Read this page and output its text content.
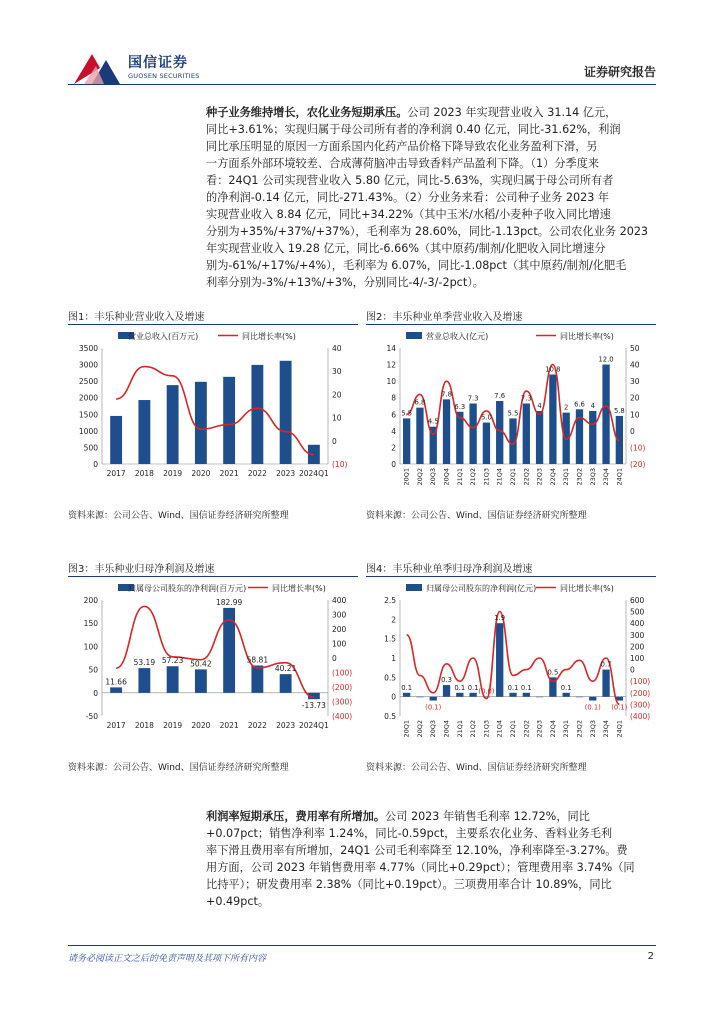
国信证券
GUOSEN SECURITIES	证券研究报告
种子业务维持增长，农化业务短期承压。公司 2023 年实现营业收入 31.14 亿元，
同比+3.61%；实现归属于母公司所有者的净利润 0.40 亿元，同比-31.62%，利润
同比承压明显的原因一方面系国内化药产品价格下降导致农化业务盈利下滑，另
一方面系外部环境较差、合成薄荷脑冲击导致香料产品盈利下降。（1）分季度来
看：24Q1 公司实现营业收入 5.80 亿元，同比-5.63%，实现归属于母公司所有者
的净利润-0.14 亿元，同比-271.43%。（2）分业务来看：公司种子业务 2023 年
实现营业收入 8.84 亿元，同比+34.22%（其中玉米/水稻/小麦种子收入同比增速
分别为+35%/+37%/+37%），毛利率为 28.60%，同比-1.13pct。公司农化业务 2023
年实现营业收入 19.28 亿元，同比-6.66%（其中原药/制剂/化肥收入同比增速分
别为-61%/+17%/+4%），毛利率为 6.07%，同比-1.08pct（其中原药/制剂/化肥毛
利率分别为-3%/+13%/+3%，分别同比-4/-3/-2pct）。
图1：丰乐种业营业收入及增速
营业总收入(百万元)	同比增长率(%)
0
500
1000
1500
2000
2500
3000
3500
(10)
0
10
20
30
40
2017 2018 2019 2020 2021 2022 2023 2024Q1
资料来源：公司公告、Wind、国信证券经济研究所整理
图2：丰乐种业单季营业收入及增速
营业总收入(亿元)	同比增长率(%)
0
2
4
6
8
10
12
14
(20)
(10)
0
10
20
30
40
50
5.5
6.8
4.5
7.8
6.3
7.3
5.0
7.6
5.5
7.3
4
10.8
2 6.6 4
12.0
5.8
20Q1 20Q2 20Q3 20Q4 21Q1 21Q2 21Q3 21Q4 22Q1 22Q2 22Q3 22Q4 23Q1 23Q2 23Q3 23Q4 24Q1
资料来源：公司公告、Wind、国信证券经济研究所整理
图3：丰乐种业归母净利润及增速
归属母公司股东的净利润(百万元)	同比增长率(%)
-50
0
50
100
150
200
(400)
(300)
(200)
(100)
0
100
200
300
400
11.66
53.19 57.23 50.42
182.99
58.81
40.21
-13.73
2017 2018 2019 2020 2021 2022 2023 2024Q1
资料来源：公司公告、Wind、国信证券经济研究所整理
图4：丰乐种业单季归母净利润及增速
归属母公司股东的净利润(亿元)	同比增长率(%)
0.5
0
0.5
1
1.5
2
2.5
(400)
(300)
(200)
(100)
0
100
200
300
400
500
600
0.1
(0.1)
0.3
0.1 0.1 (0.0)
1.9
0.1 0.1
0.5
0.1
(0.1)
0.7
(0.1)
20Q1 20Q2 20Q3 20Q4 21Q1 21Q2 21Q3 21Q4 22Q1 22Q2 22Q3 22Q4 23Q1 23Q2 23Q3 23Q4 24Q1
资料来源：公司公告、Wind、国信证券经济研究所整理
利润率短期承压，费用率有所增加。公司 2023 年销售毛利率 12.72%，同比
+0.07pct；销售净利率 1.24%，同比-0.59pct，主要系农化业务、香料业务毛利
率下滑且费用率有所增加，24Q1 公司毛利率降至 12.10%，净利率降至-3.27%。费
用方面，公司 2023 年销售费用率 4.77%（同比+0.29pct）；管理费用率 3.74%（同
比持平）；研发费用率 2.38%（同比+0.19pct）。三项费用率合计 10.89%，同比
+0.49pct。
请务必阅读正文之后的免责声明及其项下所有内容	2
